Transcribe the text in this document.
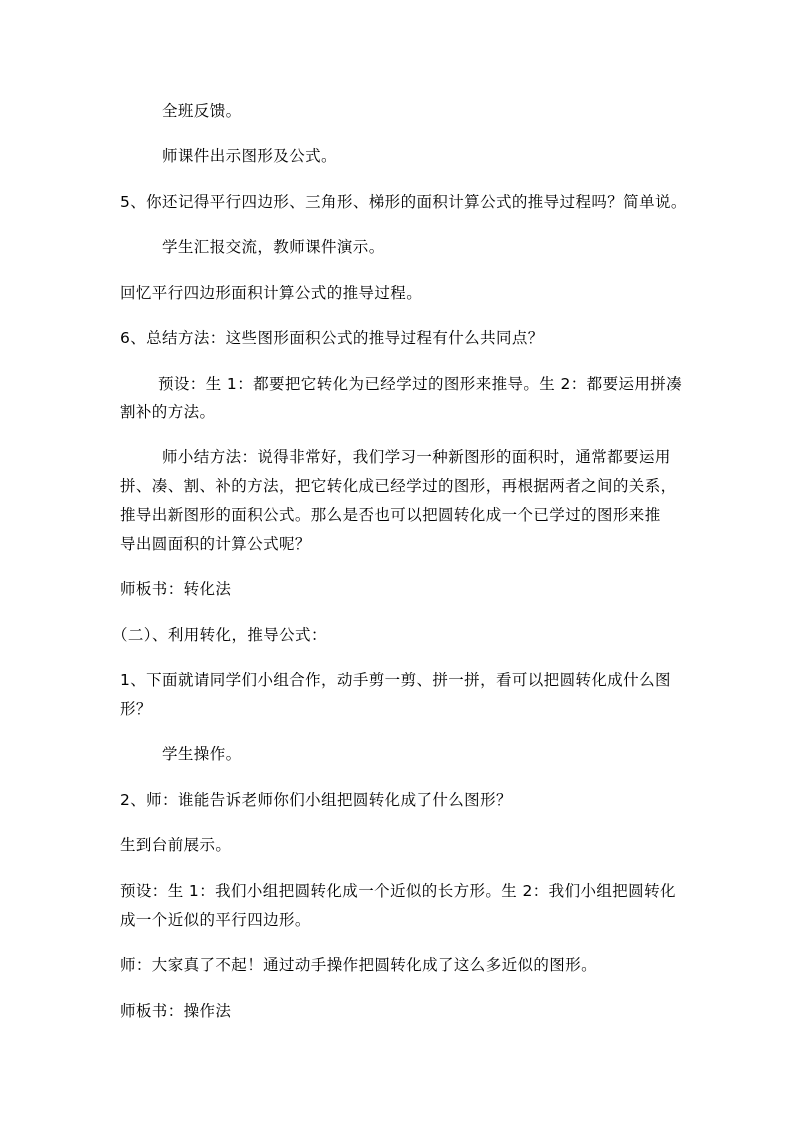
全班反馈。
师课件出示图形及公式。
5、你还记得平行四边形、三角形、梯形的面积计算公式的推导过程吗？简单说。
学生汇报交流，教师课件演示。
回忆平行四边形面积计算公式的推导过程。
6、总结方法：这些图形面积公式的推导过程有什么共同点？
预设：生 1：都要把它转化为已经学过的图形来推导。生 2：都要运用拼凑
割补的方法。
师小结方法：说得非常好，我们学习一种新图形的面积时，通常都要运用
拼、凑、割、补的方法，把它转化成已经学过的图形，再根据两者之间的关系，
推导出新图形的面积公式。那么是否也可以把圆转化成一个已学过的图形来推
导出圆面积的计算公式呢？
师板书：转化法
（二）、利用转化，推导公式：
1、下面就请同学们小组合作，动手剪一剪、拼一拼，看可以把圆转化成什么图
形？
学生操作。
2、师：谁能告诉老师你们小组把圆转化成了什么图形？
生到台前展示。
预设：生 1：我们小组把圆转化成一个近似的长方形。生 2：我们小组把圆转化
成一个近似的平行四边形。
师：大家真了不起！通过动手操作把圆转化成了这么多近似的图形。
师板书：操作法
